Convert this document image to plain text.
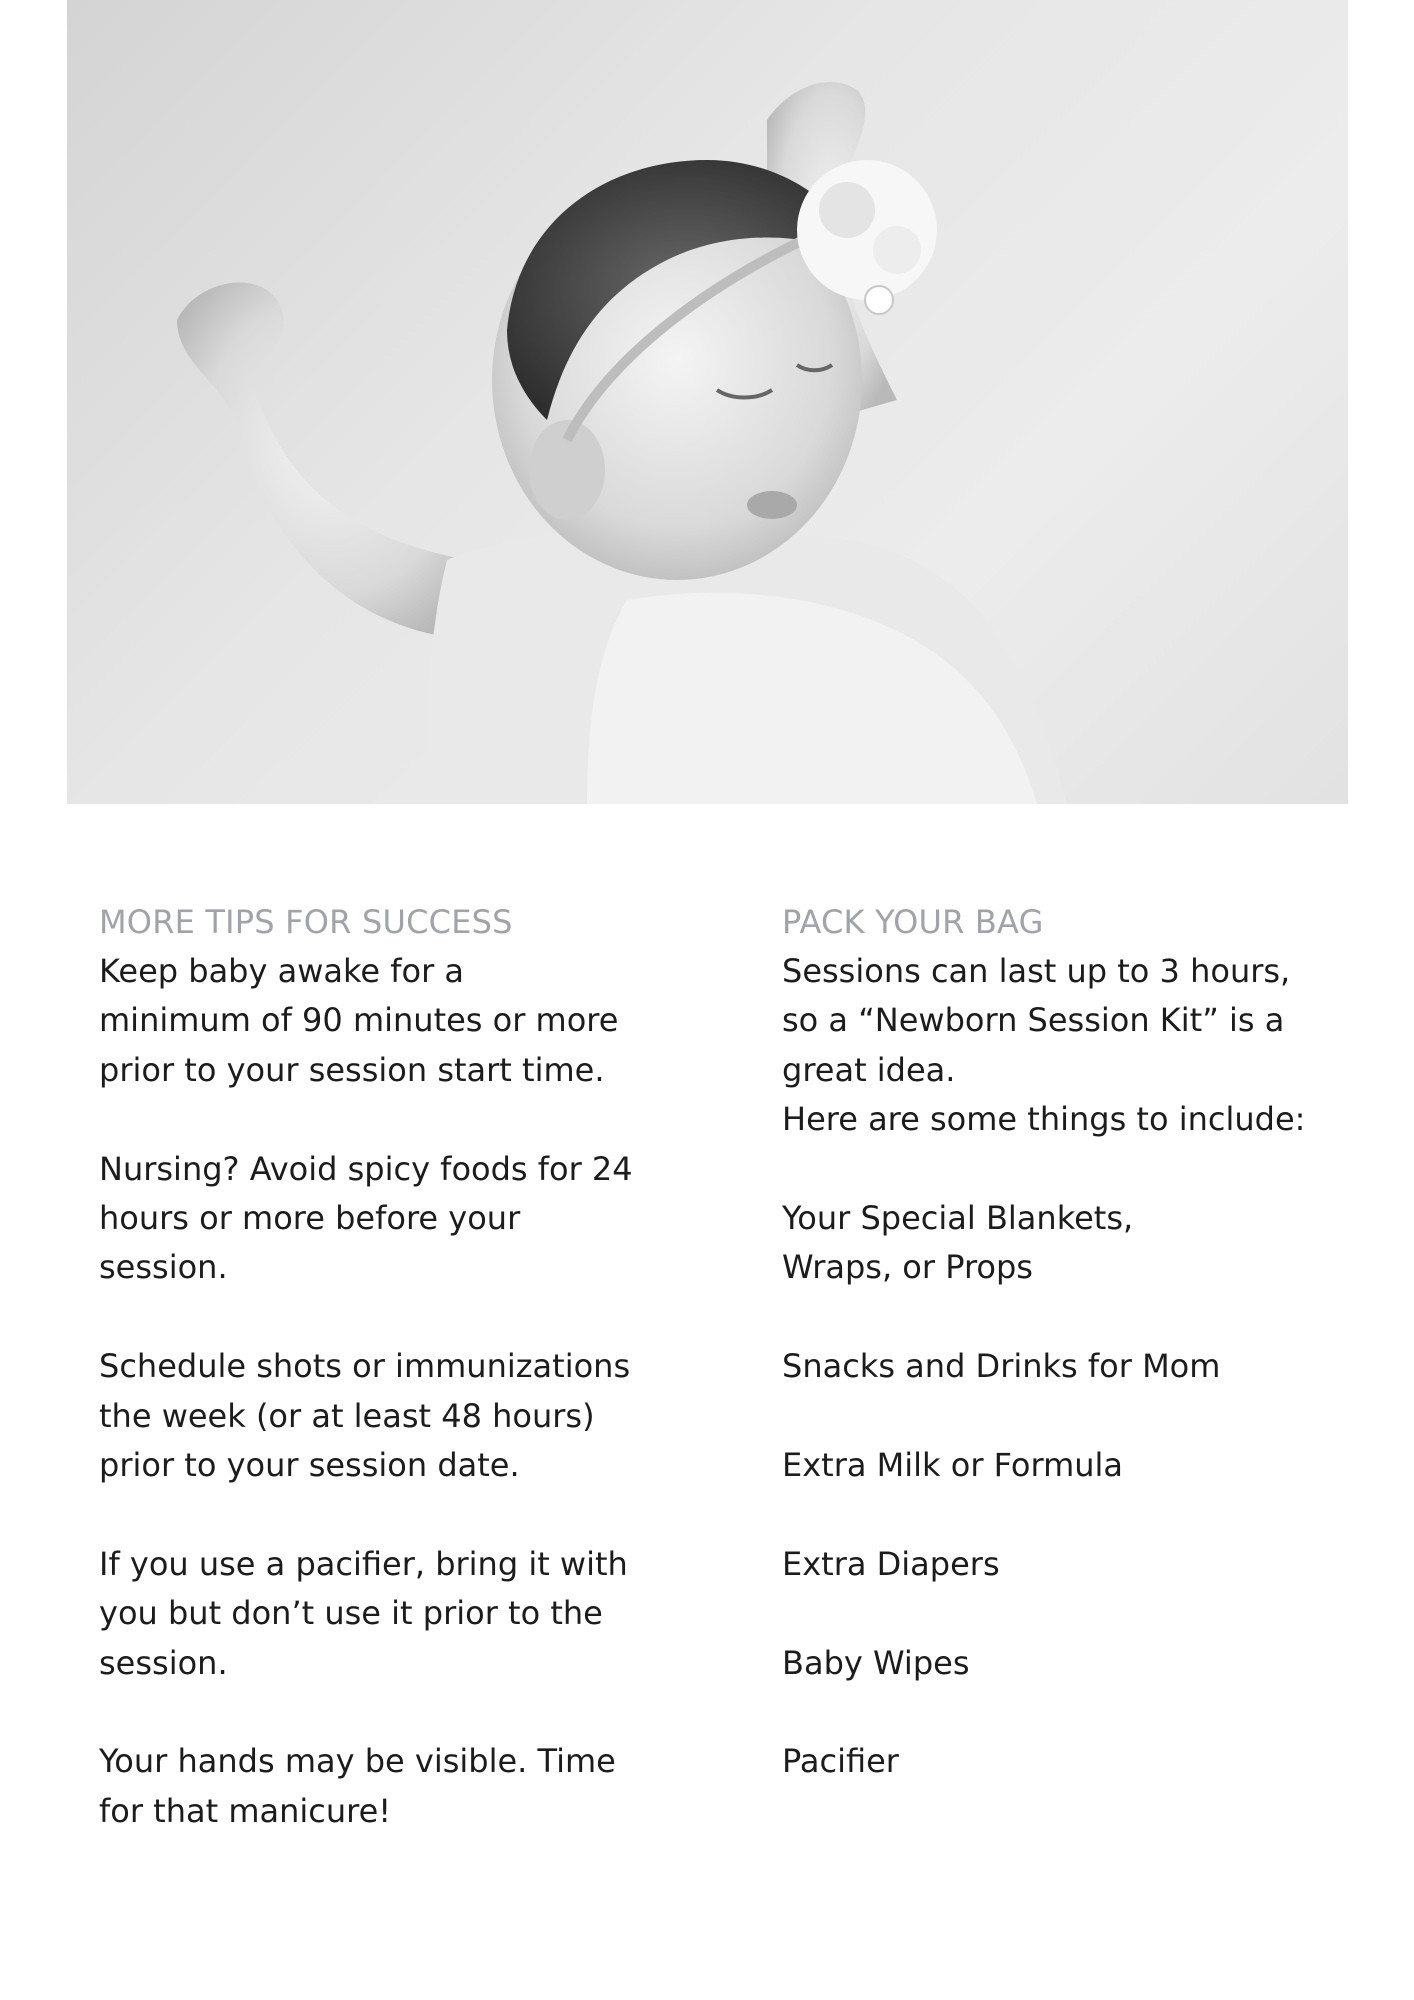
MORE TIPS FOR SUCCESS

Keep baby awake for a
minimum of 90 minutes or more
prior to your session start time.

Nursing? Avoid spicy foods for 24
hours or more before your
session.

Schedule shots or immunizations
the week (or at least 48 hours)
prior to your session date.

If you use a pacifier, bring it with
you but don’t use it prior to the
session.

Your hands may be visible. Time
for that manicure!

PACK YOUR BAG

Sessions can last up to 3 hours,
so a “Newborn Session Kit” is a
great idea.
Here are some things to include:

Your Special Blankets,
Wraps, or Props

Snacks and Drinks for Mom

Extra Milk or Formula

Extra Diapers

Baby Wipes

Pacifier
